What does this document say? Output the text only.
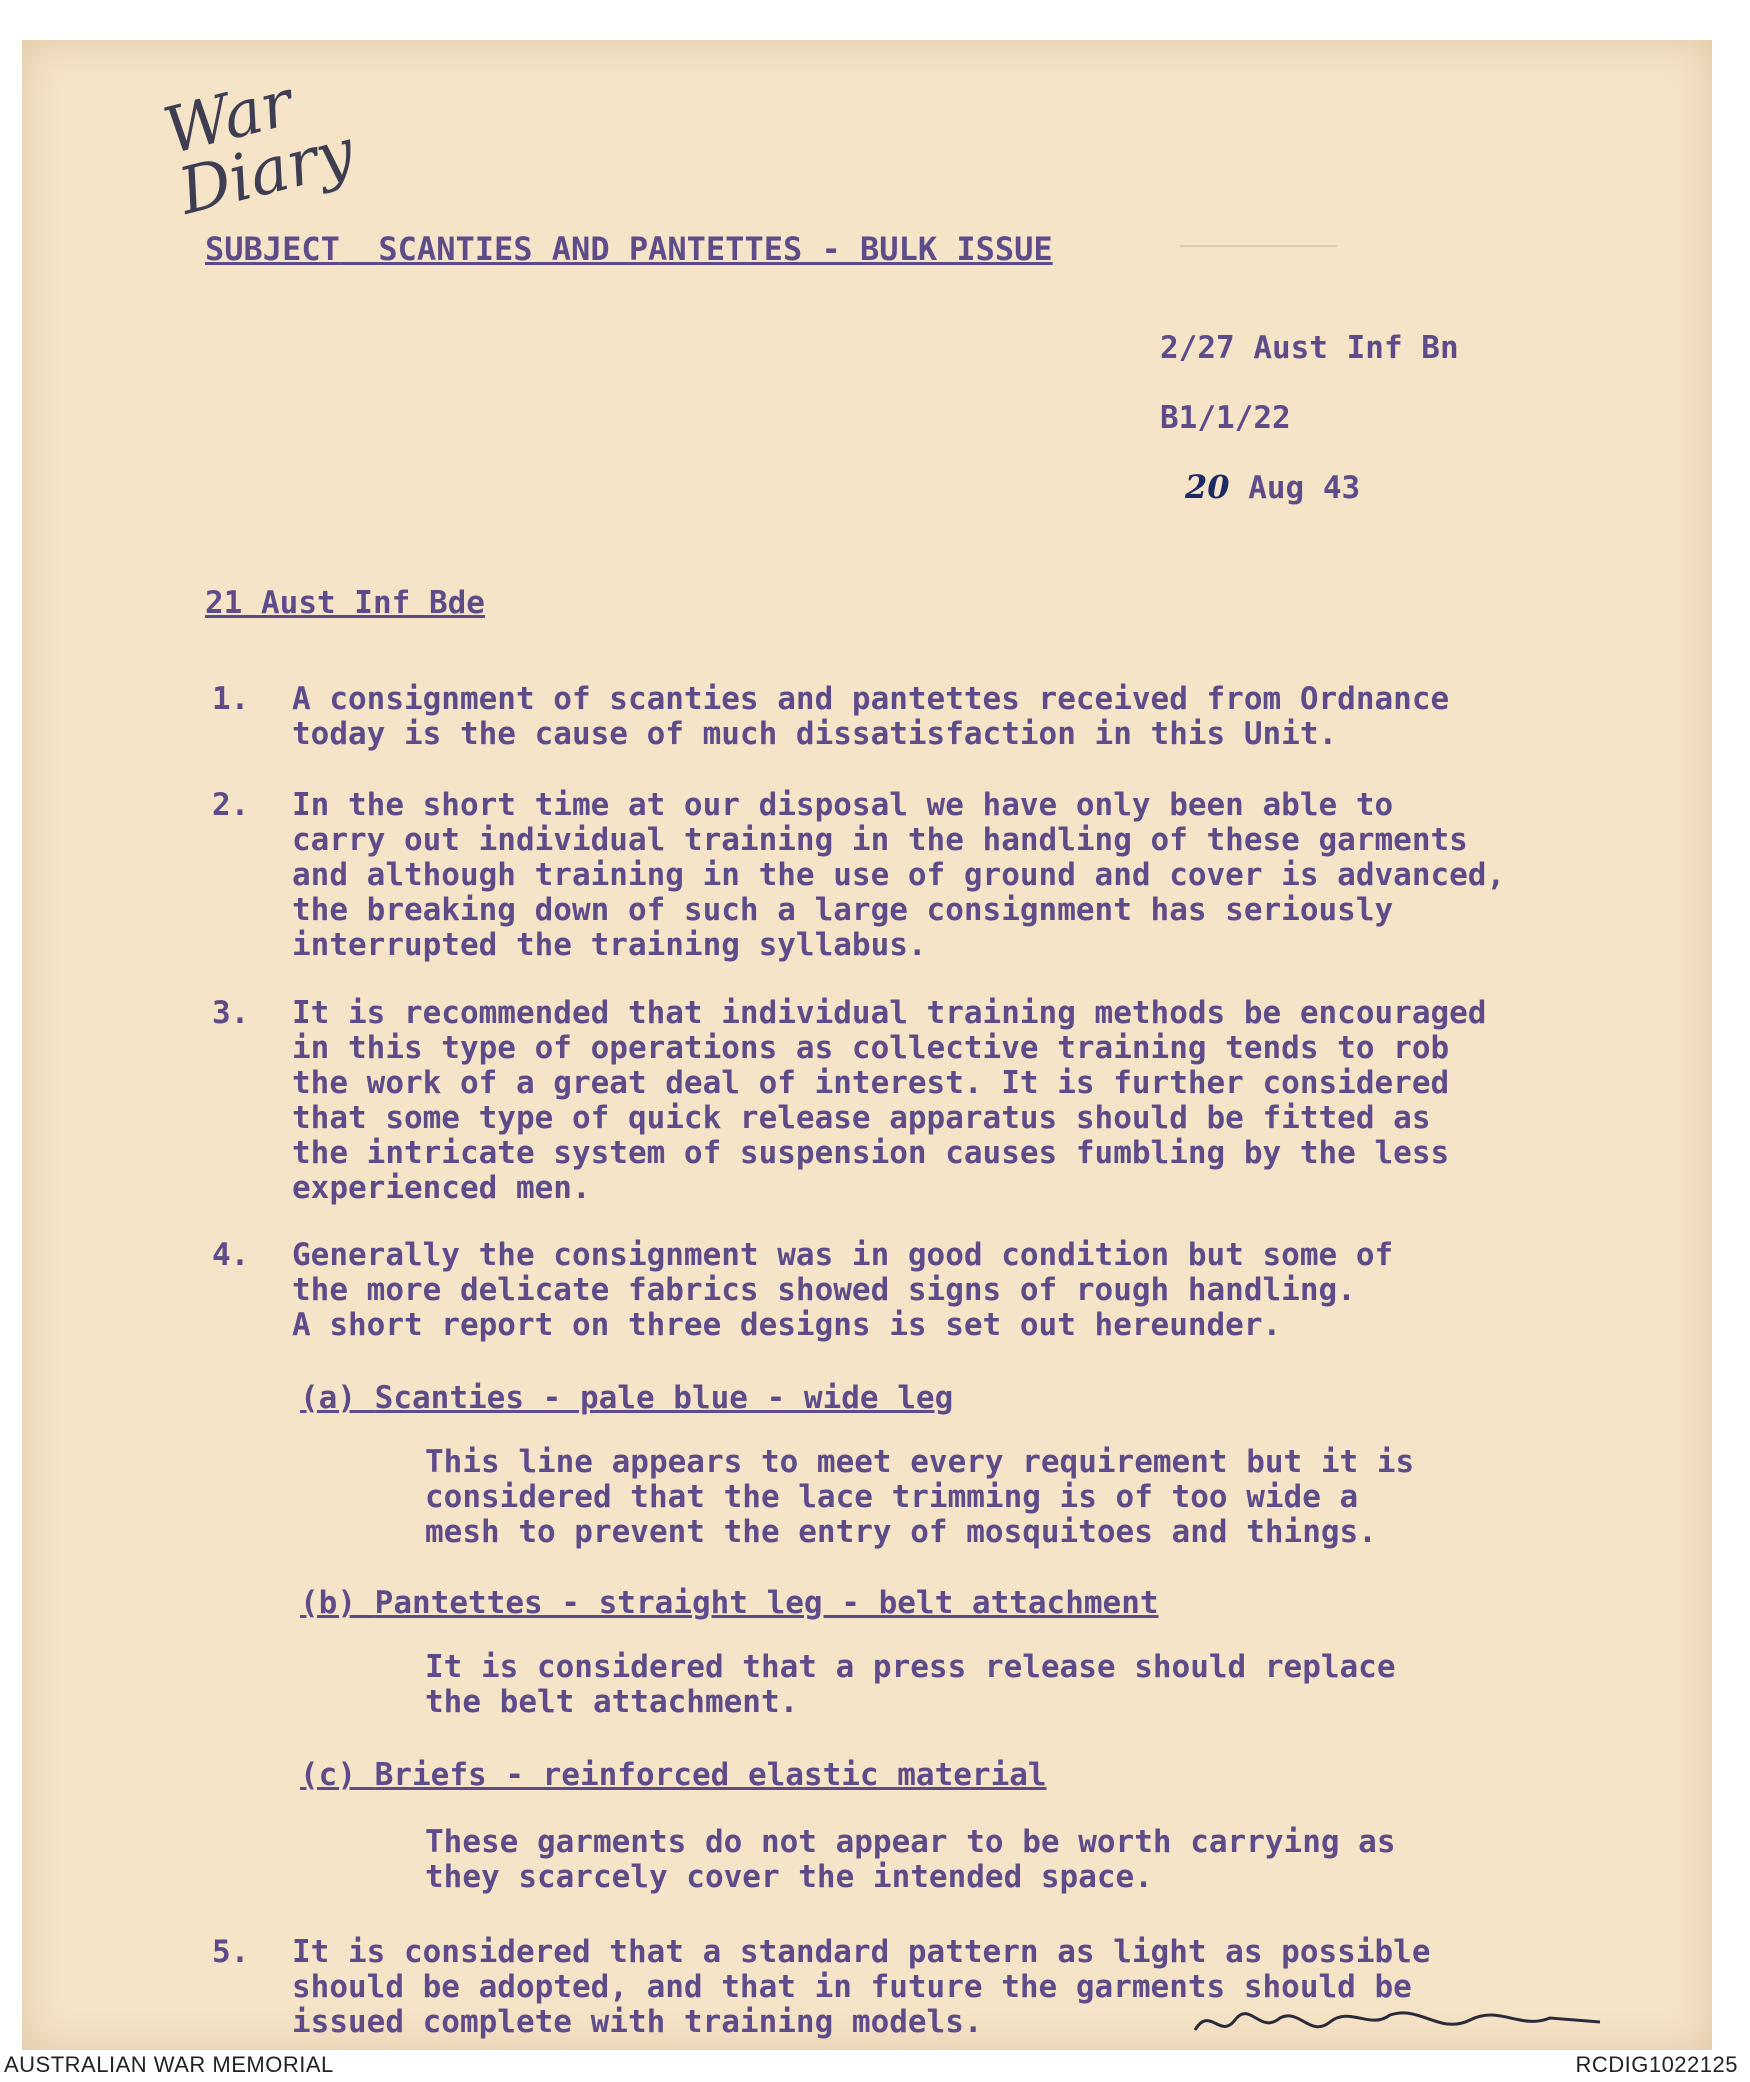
War Diary
──────────
SUBJECT SCANTIES AND PANTETTES - BULK ISSUE
2/27 Aust Inf Bn
B1/1/22
20 Aug 43
21 Aust Inf Bde
1.	A consignment of scanties and pantettes received from Ordnance
today is the cause of much dissatisfaction in this Unit.
2.	In the short time at our disposal we have only been able to
carry out individual training in the handling of these garments
and although training in the use of ground and cover is advanced,
the breaking down of such a large consignment has seriously
interrupted the training syllabus.
3.	It is recommended that individual training methods be encouraged
in this type of operations as collective training tends to rob
the work of a great deal of interest. It is further considered
that some type of quick release apparatus should be fitted as
the intricate system of suspension causes fumbling by the less
experienced men.
4.	Generally the consignment was in good condition but some of
the more delicate fabrics showed signs of rough handling.
A short report on three designs is set out hereunder.
(a) Scanties - pale blue - wide leg
This line appears to meet every requirement but it is
considered that the lace trimming is of too wide a
mesh to prevent the entry of mosquitoes and things.
(b) Pantettes - straight leg - belt attachment
It is considered that a press release should replace
the belt attachment.
(c) Briefs - reinforced elastic material
These garments do not appear to be worth carrying as
they scarcely cover the intended space.
5.	It is considered that a standard pattern as light as possible
should be adopted, and that in future the garments should be
issued complete with training models.
AUSTRALIAN WAR MEMORIAL	RCDIG1022125
